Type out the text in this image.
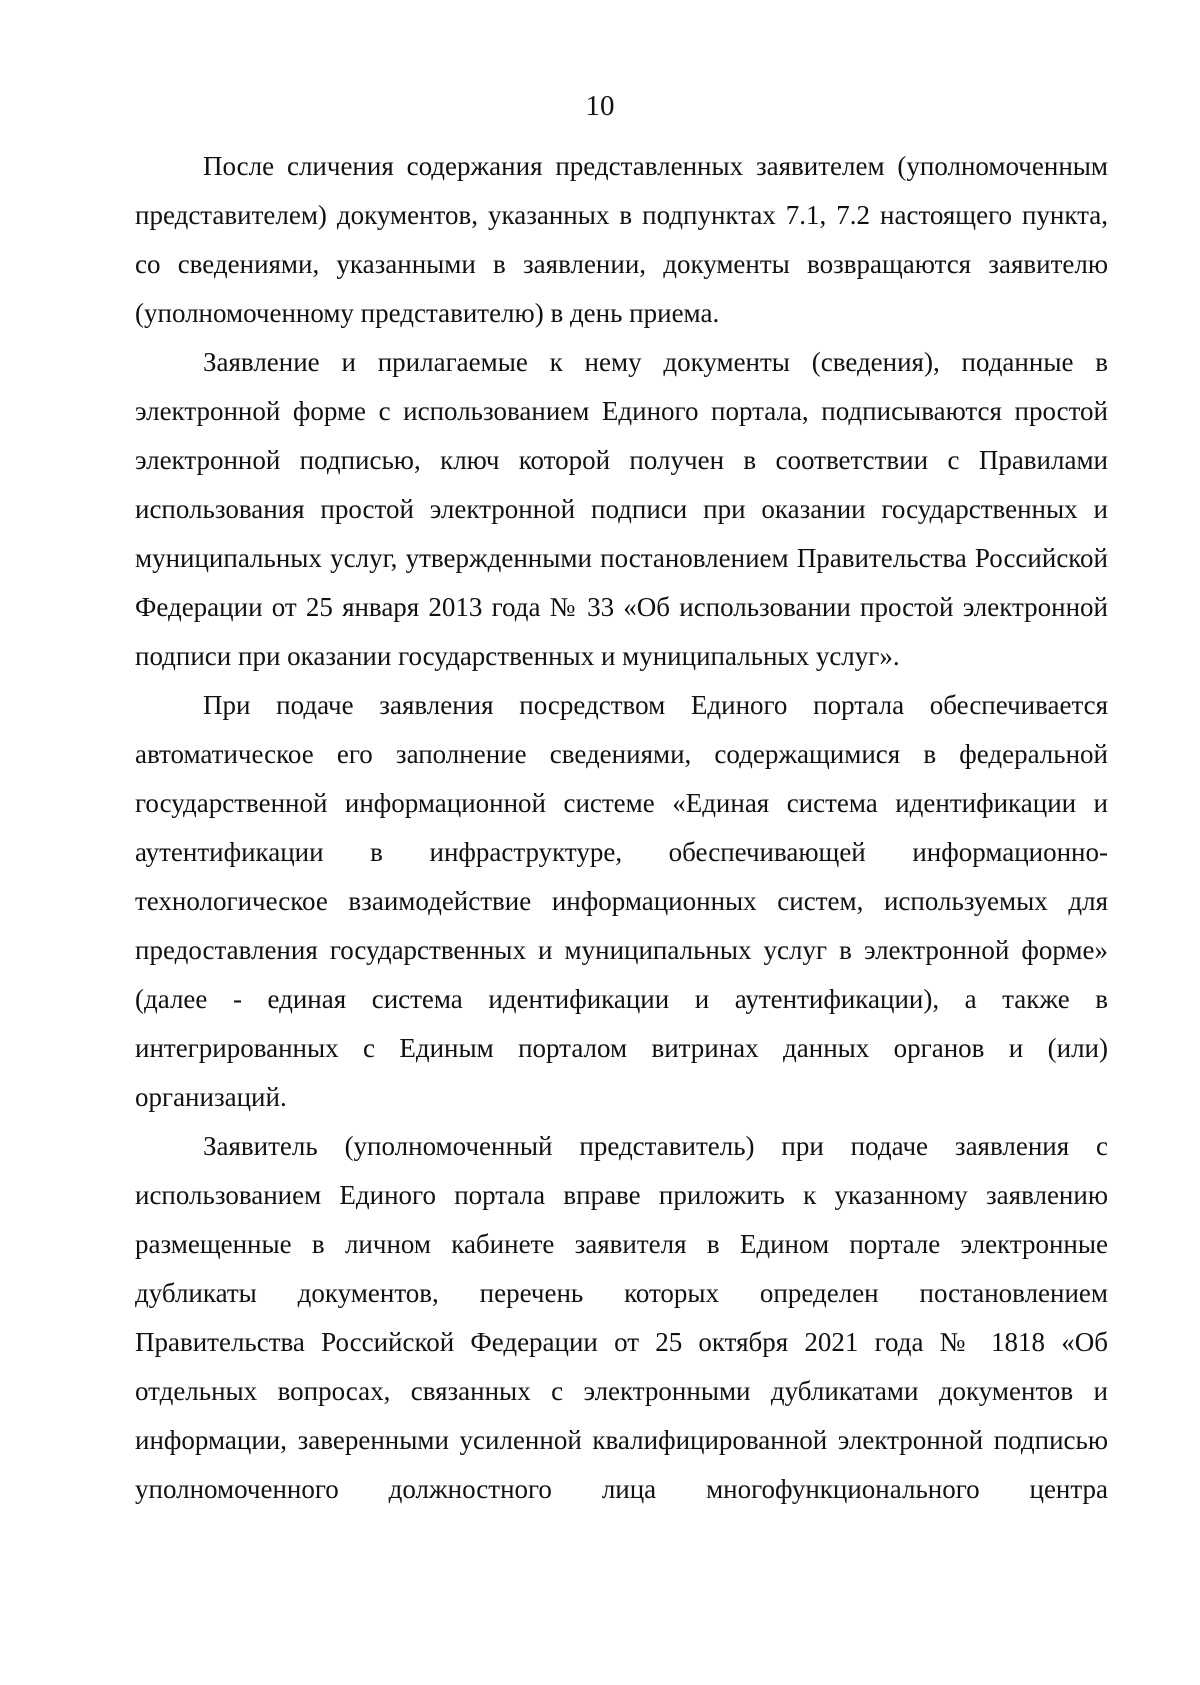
10

После сличения содержания представленных заявителем (уполномоченным представителем) документов, указанных в подпунктах 7.1, 7.2 настоящего пункта, со сведениями, указанными в заявлении, документы возвращаются заявителю (уполномоченному представителю) в день приема.

Заявление и прилагаемые к нему документы (сведения), поданные в электронной форме с использованием Единого портала, подписываются простой электронной подписью, ключ которой получен в соответствии с Правилами использования простой электронной подписи при оказании государственных и муниципальных услуг, утвержденными постановлением Правительства Российской Федерации от 25 января 2013 года № 33 «Об использовании простой электронной подписи при оказании государственных и муниципальных услуг».

При подаче заявления посредством Единого портала обеспечивается автоматическое его заполнение сведениями, содержащимися в федеральной государственной информационной системе «Единая система идентификации и аутентификации в инфраструктуре, обеспечивающей информационно-технологическое взаимодействие информационных систем, используемых для предоставления государственных и муниципальных услуг в электронной форме» (далее - единая система идентификации и аутентификации), а также в интегрированных с Единым порталом витринах данных органов и (или) организаций.

Заявитель (уполномоченный представитель) при подаче заявления с использованием Единого портала вправе приложить к указанному заявлению размещенные в личном кабинете заявителя в Едином портале электронные дубликаты документов, перечень которых определен постановлением Правительства Российской Федерации от 25 октября 2021 года № 1818 «Об отдельных вопросах, связанных с электронными дубликатами документов и информации, заверенными усиленной квалифицированной электронной подписью уполномоченного должностного лица многофункционального центра
